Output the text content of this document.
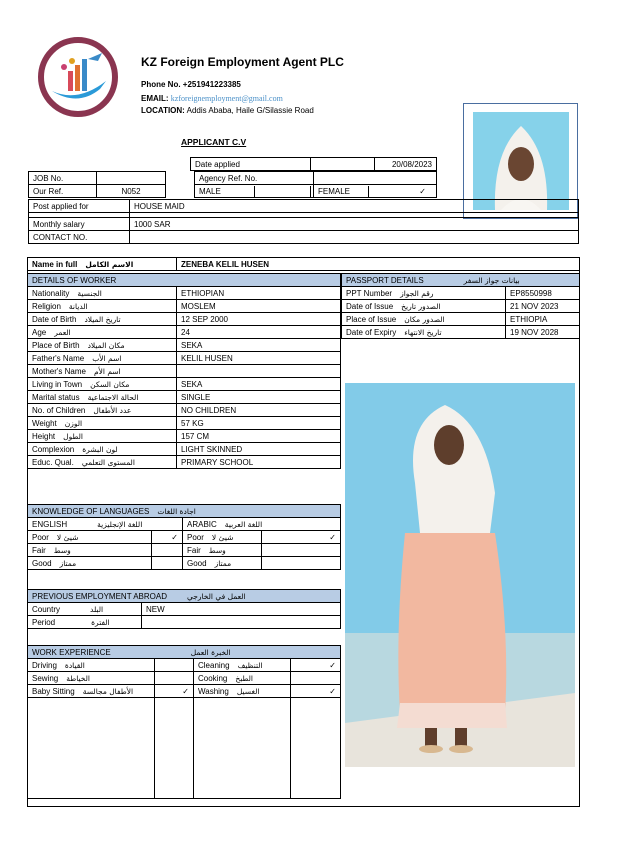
KZ Foreign Employment Agent PLC
Phone No. +251941223385
EMAIL: kzforeignemployment@gmail.com
LOCATION: Addis Ababa, Haile G/Silassie Road
APPLICANT C.V
Date applied		20/08/2023
JOB No.			Agency Ref. No.	
Our Ref.	N052		MALE	FEMALE ✓
Post applied for	HOUSE MAID

Monthly salary	1000 SAR
CONTACT NO.	
Name in full الاسم الكامل	ZENEBA KELIL HUSEN
DETAILS OF WORKER	
Nationality الجنسية	ETHIOPIAN
Religion الديانة	MOSLEM
Date of Birth تاريخ الميلاد	12 SEP 2000
Age العمر	24
Place of Birth مكان الميلاد	SEKA
Father's Name اسم الأب	KELIL HUSEN
Mother's Name اسم الأم	
Living in Town مكان السكن	SEKA
Marital status الحالة الاجتماعية	SINGLE
No. of Children عدد الأطفال	NO CHILDREN
Weight الوزن	57 KG
Height الطول	157 CM
Complexion لون البشرة	LIGHT SKINNED
Educ. Qual. المستوى التعلمي	PRIMARY SCHOOL
PASSPORT DETAILS بيانات جواز السفر	
PPT Number رقم الجواز	EP8550998
Date of Issue الصدور تاريخ	21 NOV 2023
Place of Issue الصدور مكان	ETHIOPIA
Date of Expiry تاريخ الانتهاء	19 NOV 2028
KNOWLEDGE OF LANGUAGES اجادة اللغات			
ENGLISH اللغة الإنجليزية		ARABIC اللغة العربية	
Poor شيئ لا	✓	Poor شيئ لا	✓
Fair وسط		Fair وسط	
Good ممتاز		Good ممتاز	
PREVIOUS EMPLOYMENT ABROAD العمل في الخارجي	
Country البلد	NEW
Period الفترة	
WORK EXPERIENCE الخبرة العمل			
Driving القيادة		Cleaning التنظيف	✓
Sewing الخياطة		Cooking الطبخ	
Baby Sitting الأطفال مجالسة	✓	Washing الغسيل	✓
